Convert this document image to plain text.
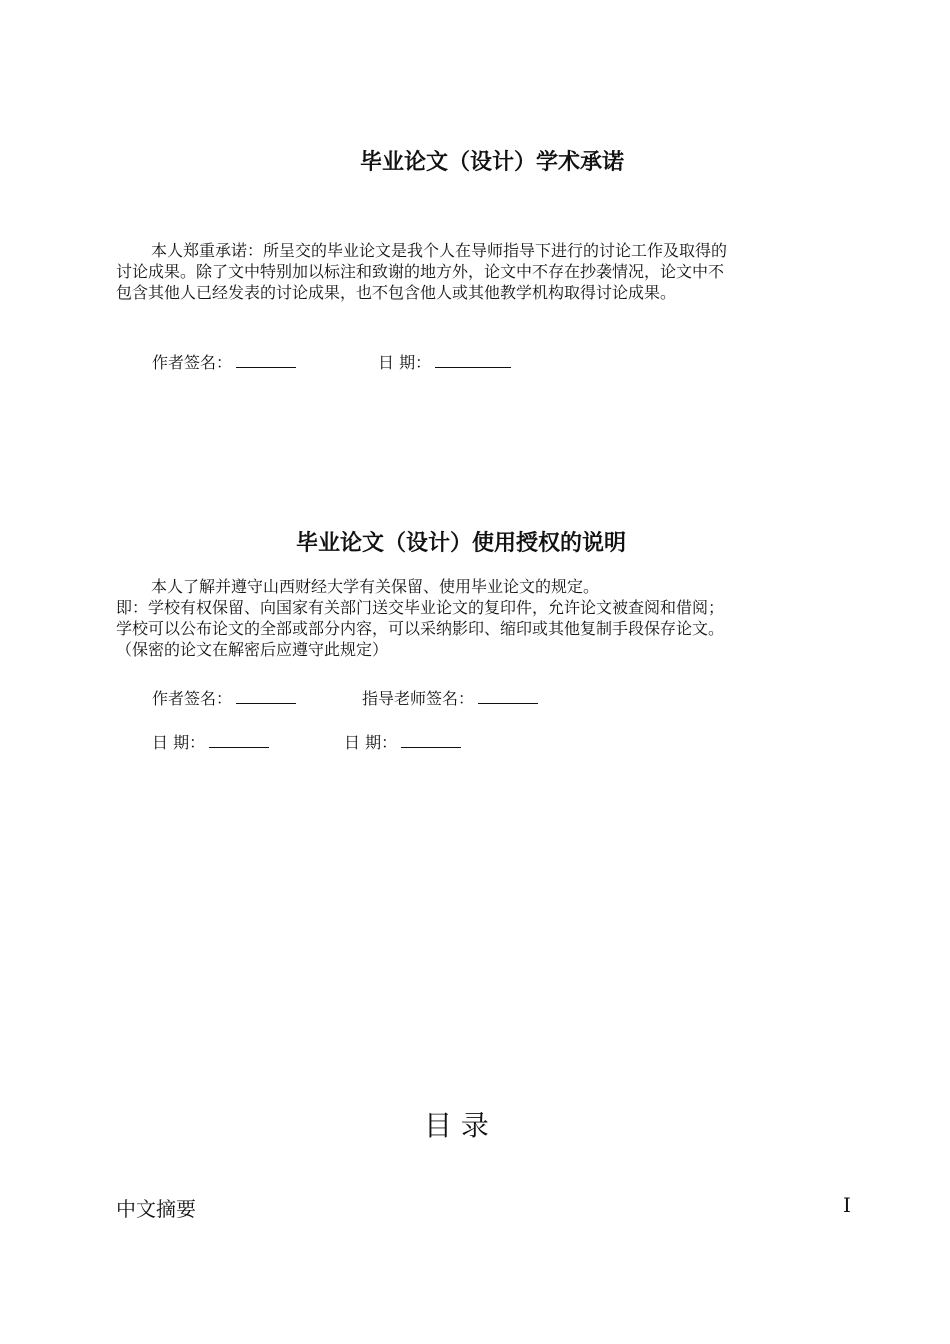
毕业论文（设计）学术承诺

本人郑重承诺：所呈交的毕业论文是我个人在导师指导下进行的讨论工作及取得的

讨论成果。除了文中特别加以标注和致谢的地方外，论文中不存在抄袭情况，论文中不

包含其他人已经发表的讨论成果，也不包含他人或其他教学机构取得讨论成果。

作者签名：	日 期：
毕业论文（设计）使用授权的说明

本人了解并遵守山西财经大学有关保留、使用毕业论文的规定。

即：学校有权保留、向国家有关部门送交毕业论文的复印件，允许论文被查阅和借阅；

学校可以公布论文的全部或部分内容，可以采纳影印、缩印或其他复制手段保存论文。

（保密的论文在解密后应遵守此规定）

作者签名：	指导老师签名：
日 期：	日 期：
目 录
中文摘要	I
